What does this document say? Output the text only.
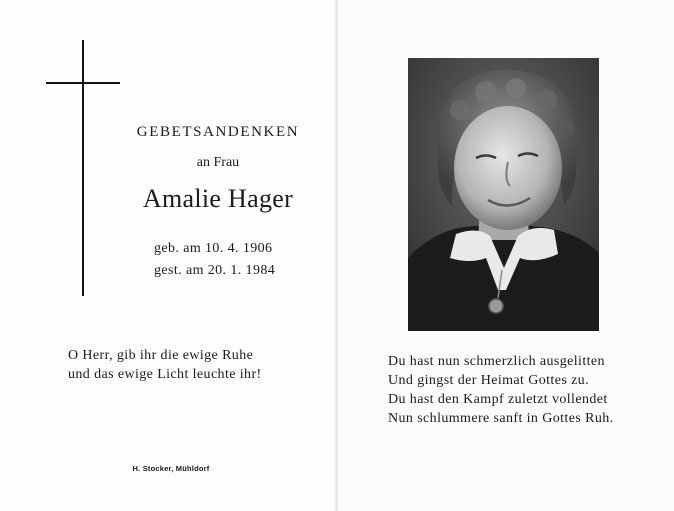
GEBETSANDENKEN
an Frau
Amalie Hager
geb. am 10. 4. 1906
gest. am 20. 1. 1984
O Herr, gib ihr die ewige Ruhe
und das ewige Licht leuchte ihr!
H. Stocker, Mühldorf
Du hast nun schmerzlich ausgelitten
Und gingst der Heimat Gottes zu.
Du hast den Kampf zuletzt vollendet
Nun schlummere sanft in Gottes Ruh.
